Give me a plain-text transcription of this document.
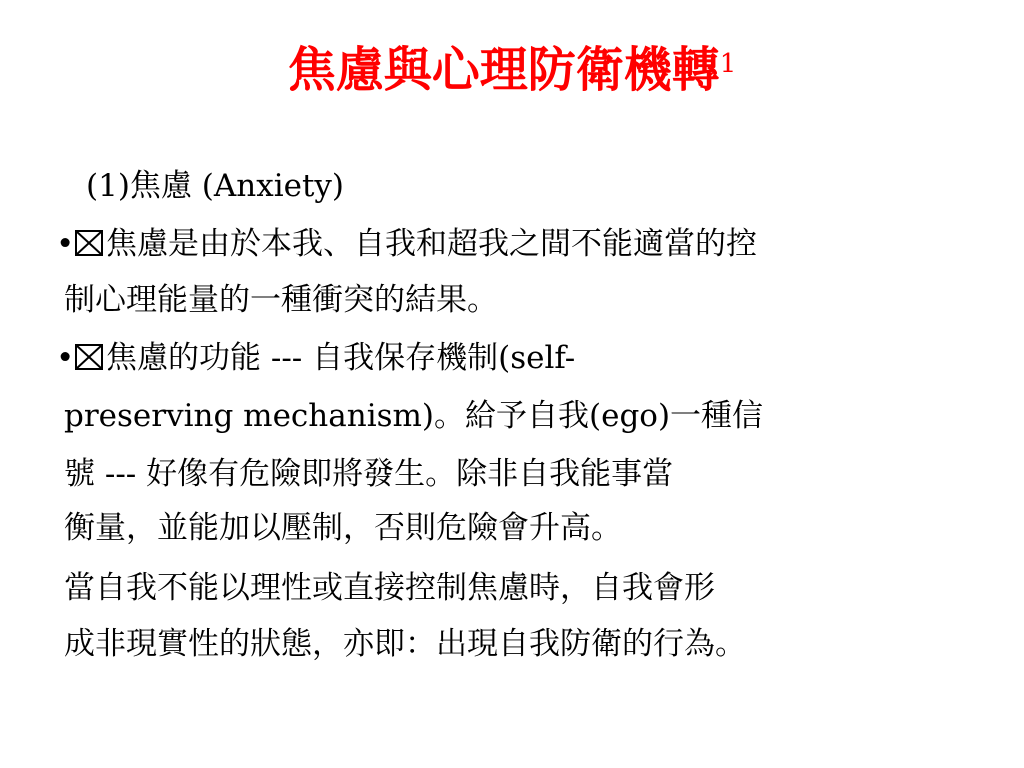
焦慮與心理防衛機轉$^1$
(1)焦慮 (Anxiety)
• 焦慮是由於本我、自我和超我之間不能適當的控
制心理能量的一種衝突的結果。
• 焦慮的功能 --- 自我保存機制(self-
preserving mechanism)。給予自我(ego)一種信
號 --- 好像有危險即將發生。除非自我能事當
衡量，並能加以壓制，否則危險會升高。
當自我不能以理性或直接控制焦慮時，自我會形
成非現實性的狀態，亦即：出現自我防衛的行為。
